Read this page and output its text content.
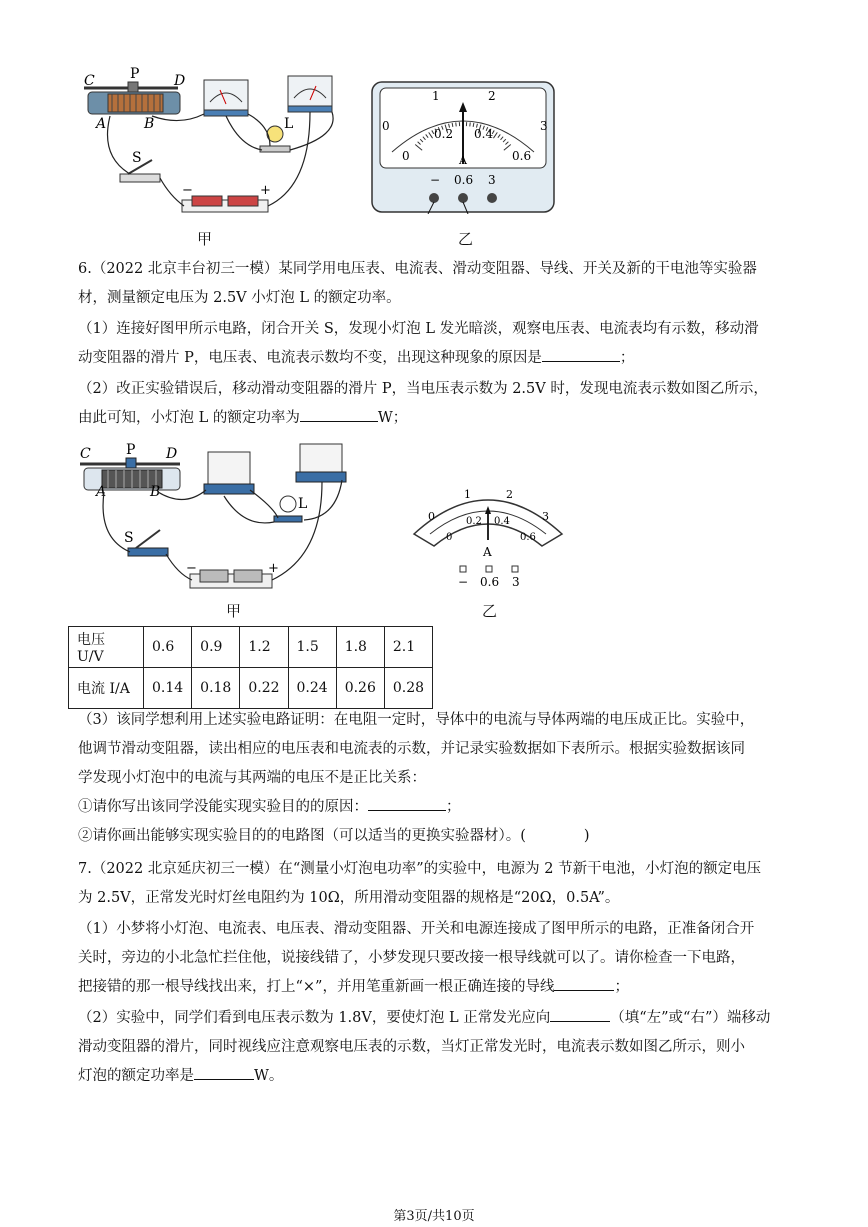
C	P D
A	B	L
S
−	+
甲
0
1	2
3
0
0.2 0.4
0.6
A
− 0.6 3
乙
6.（2022 北京丰台初三一模）某同学用电压表、电流表、滑动变阻器、导线、开关及新的干电池等实验器
材，测量额定电压为 2.5V 小灯泡 L 的额定功率。
（1）连接好图甲所示电路，闭合开关 S，发现小灯泡 L 发光暗淡，观察电压表、电流表均有示数，移动滑
动变阻器的滑片 P，电压表、电流表示数均不变，出现这种现象的原因是	；
（2）改正实验错误后，移动滑动变阻器的滑片 P，当电压表示数为 2.5V 时，发现电流表示数如图乙所示，
由此可知，小灯泡 L 的额定功率为	W；
C	P D
A	B
L
S
−	+
甲
0
1	2
3
0
0.2 0.4
0.6
A
− 0.6 3
乙
电压 U/V	0.6	0.9	1.2	1.5	1.8	2.1
电流 I/A	0.14	0.18	0.22	0.24	0.26	0.28
（3）该同学想利用上述实验电路证明：在电阻一定时，导体中的电流与导体两端的电压成正比。实验中，
他调节滑动变阻器，读出相应的电压表和电流表的示数，并记录实验数据如下表所示。根据实验数据该同
学发现小灯泡中的电流与其两端的电压不是正比关系：
①请你写出该同学没能实现实验目的的原因：	；
②请你画出能够实现实验目的的电路图（可以适当的更换实验器材）。(　　　　)
7.（2022 北京延庆初三一模）在“测量小灯泡电功率”的实验中，电源为 2 节新干电池，小灯泡的额定电压
为 2.5V，正常发光时灯丝电阻约为 10Ω，所用滑动变阻器的规格是“20Ω，0.5A”。
（1）小梦将小灯泡、电流表、电压表、滑动变阻器、开关和电源连接成了图甲所示的电路，正准备闭合开
关时，旁边的小北急忙拦住他，说接线错了，小梦发现只要改接一根导线就可以了。请你检查一下电路，
把接错的那一根导线找出来，打上“×”，并用笔重新画一根正确连接的导线	；
（2）实验中，同学们看到电压表示数为 1.8V，要使灯泡 L 正常发光应向	（填“左”或“右”）端移动
滑动变阻器的滑片，同时视线应注意观察电压表的示数，当灯正常发光时，电流表示数如图乙所示，则小
灯泡的额定功率是	W。
第3页/共10页
